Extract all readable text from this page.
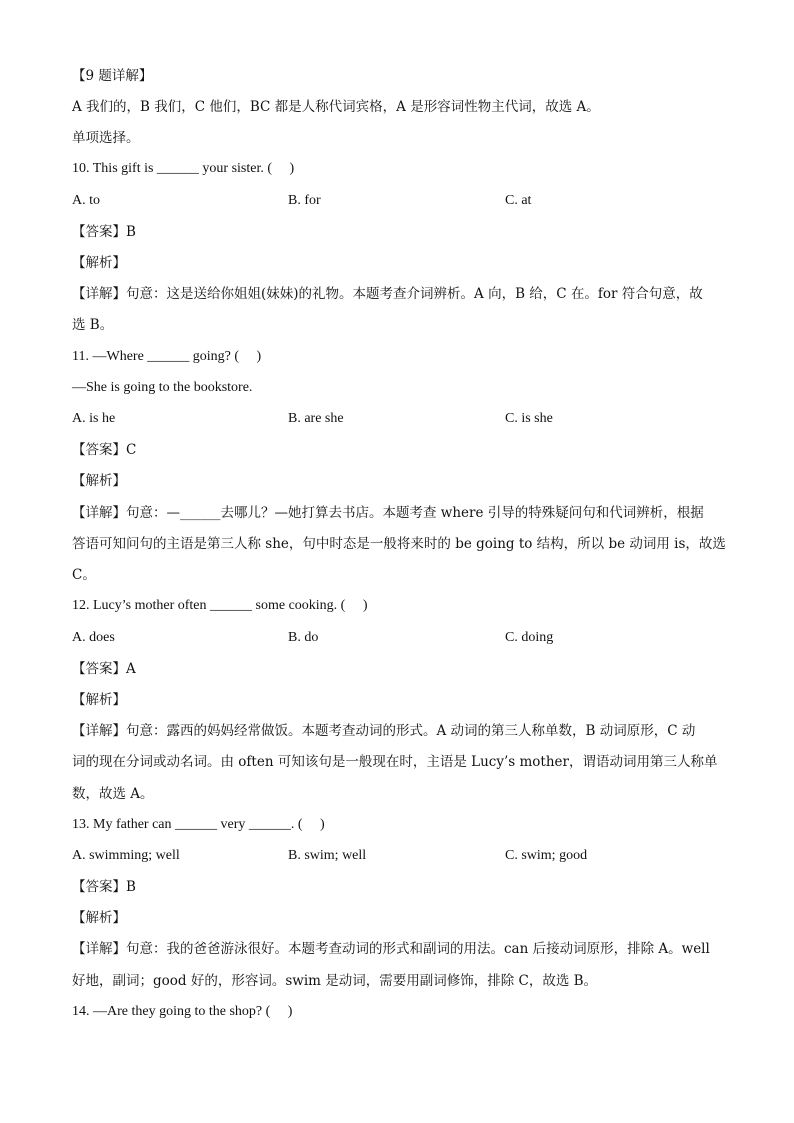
【9 题详解】
A 我们的，B 我们，C 他们，BC 都是人称代词宾格，A 是形容词性物主代词，故选 A。
单项选择。
10. This gift is ______ your sister. (　 )
A. to	B. for	C. at
【答案】B
【解析】
【详解】句意：这是送给你姐姐(妹妹)的礼物。本题考查介词辨析。A 向，B 给，C 在。for 符合句意，故
选 B。
11. —Where ______ going? (　 )
—She is going to the bookstore.
A. is he	B. are she	C. is she
【答案】C
【解析】
【详解】句意：—______去哪儿？—她打算去书店。本题考查 where 引导的特殊疑问句和代词辨析，根据
答语可知问句的主语是第三人称 she，句中时态是一般将来时的 be going to 结构，所以 be 动词用 is，故选
C。
12. Lucy’s mother often ______ some cooking. (　 )
A. does	B. do	C. doing
【答案】A
【解析】
【详解】句意：露西的妈妈经常做饭。本题考查动词的形式。A 动词的第三人称单数，B 动词原形，C 动
词的现在分词或动名词。由 often 可知该句是一般现在时，主语是 Lucy’s mother，谓语动词用第三人称单
数，故选 A。
13. My father can ______ very ______. (　 )
A. swimming; well	B. swim; well	C. swim; good
【答案】B
【解析】
【详解】句意：我的爸爸游泳很好。本题考查动词的形式和副词的用法。can 后接动词原形，排除 A。well
好地，副词；good 好的，形容词。swim 是动词，需要用副词修饰，排除 C，故选 B。
14. —Are they going to the shop? (　 )
